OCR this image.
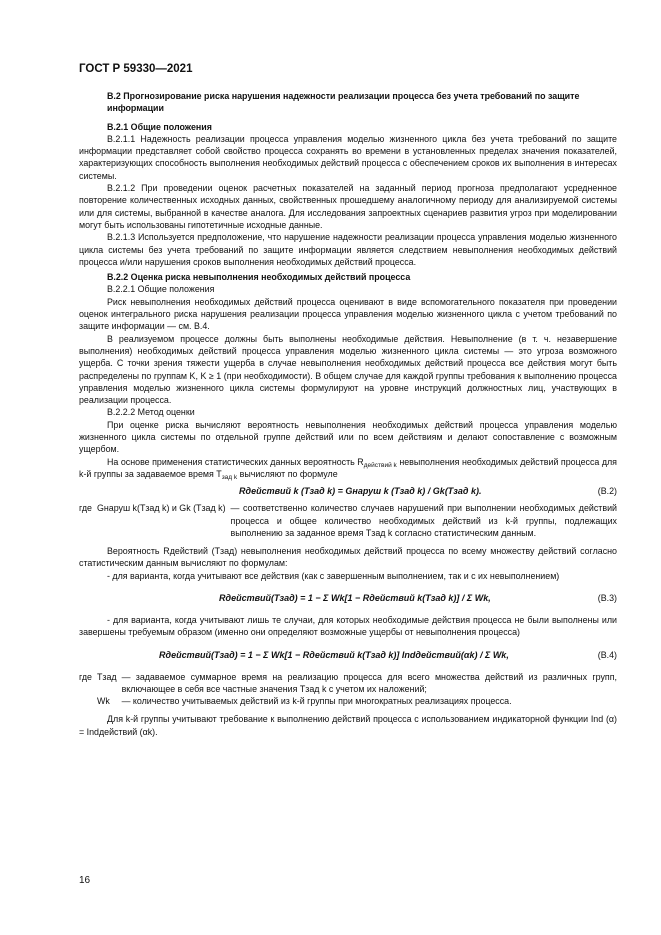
ГОСТ Р 59330—2021

В.2 Прогнозирование риска нарушения надежности реализации процесса без учета требований по защите информации

В.2.1 Общие положения

В.2.1.1 Надежность реализации процесса управления моделью жизненного цикла без учета требований по защите информации представляет собой свойство процесса сохранять во времени в установленных пределах значения показателей, характеризующих способность выполнения необходимых действий процесса с обеспечением сроков их выполнения в интересах системы.

В.2.1.2 При проведении оценок расчетных показателей на заданный период прогноза предполагают усредненное повторение количественных исходных данных, свойственных прошедшему аналогичному периоду для анализируемой системы или для системы, выбранной в качестве аналога. Для исследования запроектных сценариев развития угроз при моделировании могут быть использованы гипотетичные исходные данные.

В.2.1.3 Используется предположение, что нарушение надежности реализации процесса управления моделью жизненного цикла системы без учета требований по защите информации является следствием невыполнения необходимых действий процесса и/или нарушения сроков выполнения необходимых действий процесса.

В.2.2 Оценка риска невыполнения необходимых действий процесса

В.2.2.1 Общие положения

Риск невыполнения необходимых действий процесса оценивают в виде вспомогательного показателя при проведении оценок интегрального риска нарушения реализации процесса управления моделью жизненного цикла с учетом требований по защите информации — см. В.4.

В реализуемом процессе должны быть выполнены необходимые действия. Невыполнение (в т. ч. незавершение выполнения) необходимых действий процесса управления моделью жизненного цикла системы — это угроза возможного ущерба. С точки зрения тяжести ущерба в случае невыполнения необходимых действий процесса все действия могут быть распределены по группам K, K ≥ 1 (при необходимости). В общем случае для каждой группы требования к выполнению процесса управления моделью жизненного цикла системы формулируют на уровне инструкций должностных лиц, участвующих в реализации процесса.

В.2.2.2 Метод оценки

При оценке риска вычисляют вероятность невыполнения необходимых действий процесса управления моделью жизненного цикла системы по отдельной группе действий или по всем действиям и делают сопоставление с возможным ущербом.

На основе применения статистических данных вероятность $R_{действий k}$ невыполнения необходимых действий процесса для k-й группы за задаваемое время $T_{зад k}$ вычисляют по формуле

Rдействий k (Tзад k) = Gнаруш k (Tзад k) / Gk(Tзад k).	(В.2)
где Gнаруш k(Tзад k) и Gk (Tзад k) — соответственно количество случаев нарушений при выполнении необходимых действий процесса и общее количество необходимых действий из k-й группы, подлежащих выполнению за заданное время Tзад k согласно статистическим данным.

Вероятность Rдействий (Tзад) невыполнения необходимых действий процесса по всему множеству действий согласно статистическим данным вычисляют по формулам:

- для варианта, когда учитывают все действия (как с завершенным выполнением, так и с их невыполнением)

Rдействий(Tзад) = 1 − Σ Wk[1 − Rдействий k(Tзад k)] / Σ Wk,	(В.3)

- для варианта, когда учитывают лишь те случаи, для которых необходимые действия процесса не были выполнены или завершены требуемым образом (именно они определяют возможные ущербы от невыполнения процесса)

Rдействий(Tзад) = 1 − Σ Wk[1 − Rдействий k(Tзад k)] Indдействий(αk) / Σ Wk,	(В.4)
где Tзад — задаваемое суммарное время на реализацию процесса для всего множества действий из различных групп, включающее в себя все частные значения Tзад k с учетом их наложений;
Wk	— количество учитываемых действий из k-й группы при многократных реализациях процесса.

Для k-й группы учитывают требование к выполнению действий процесса с использованием индикаторной функции Ind (α) = Indдействий (αk).

16
